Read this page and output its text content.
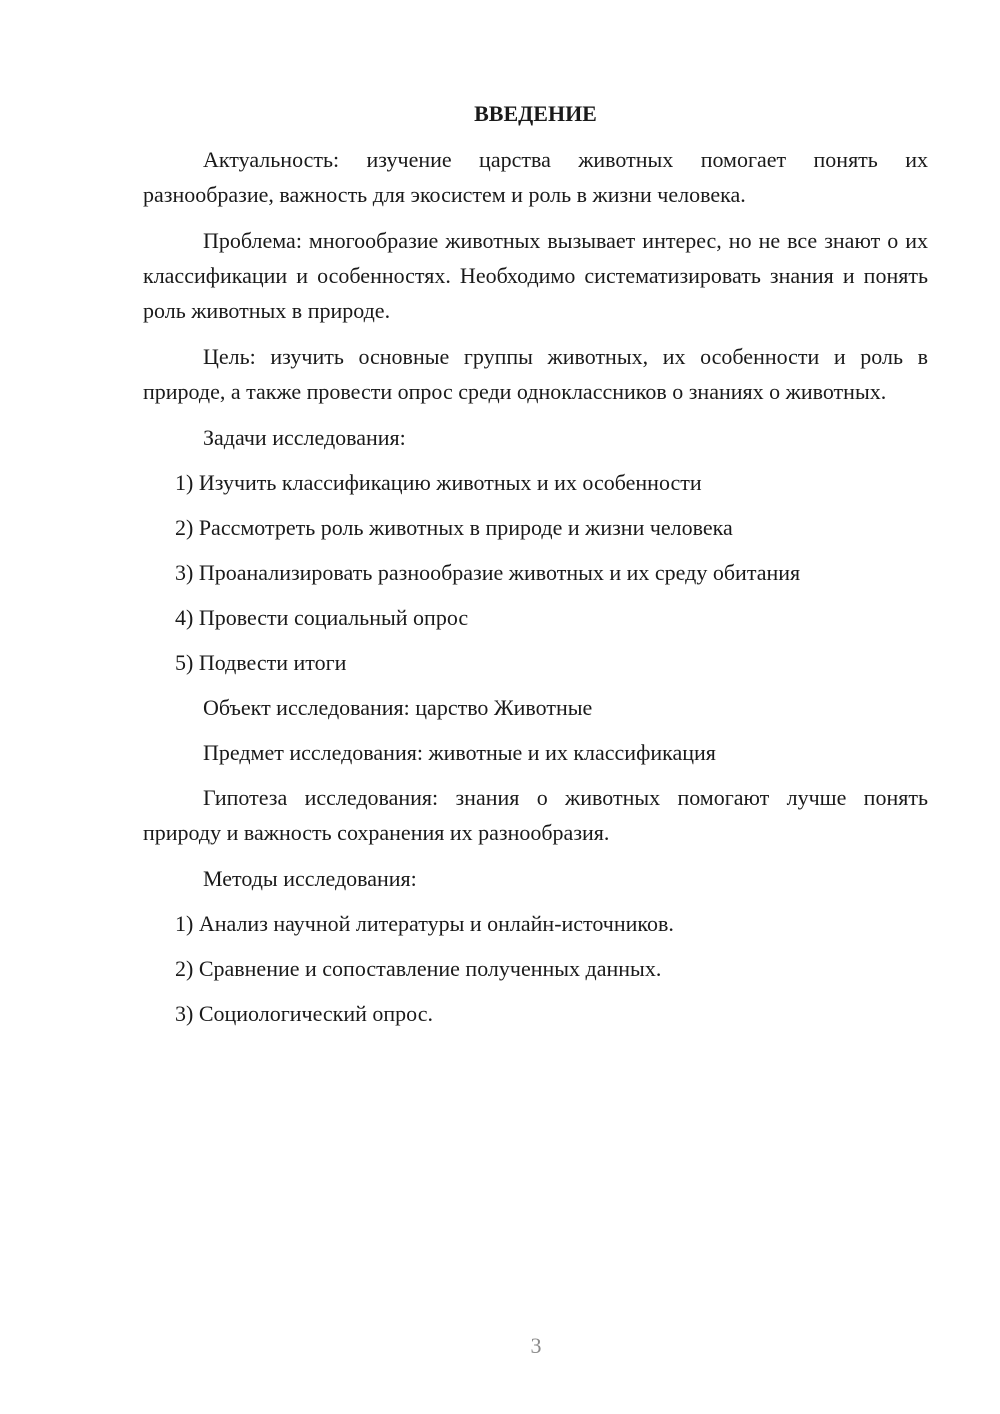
ВВЕДЕНИЕ

Актуальность: изучение царства животных помогает понять их разнообразие, важность для экосистем и роль в жизни человека.

Проблема: многообразие животных вызывает интерес, но не все знают о их классификации и особенностях. Необходимо систематизировать знания и понять роль животных в природе.

Цель: изучить основные группы животных, их особенности и роль в природе, а также провести опрос среди одноклассников о знаниях о животных.

Задачи исследования:

1) Изучить классификацию животных и их особенности

2) Рассмотреть роль животных в природе и жизни человека

3) Проанализировать разнообразие животных и их среду обитания

4) Провести социальный опрос

5) Подвести итоги

Объект исследования: царство Животные

Предмет исследования: животные и их классификация

Гипотеза исследования: знания о животных помогают лучше понять природу и важность сохранения их разнообразия.

Методы исследования:

1) Анализ научной литературы и онлайн-источников.

2) Сравнение и сопоставление полученных данных.

3) Социологический опрос.

3
